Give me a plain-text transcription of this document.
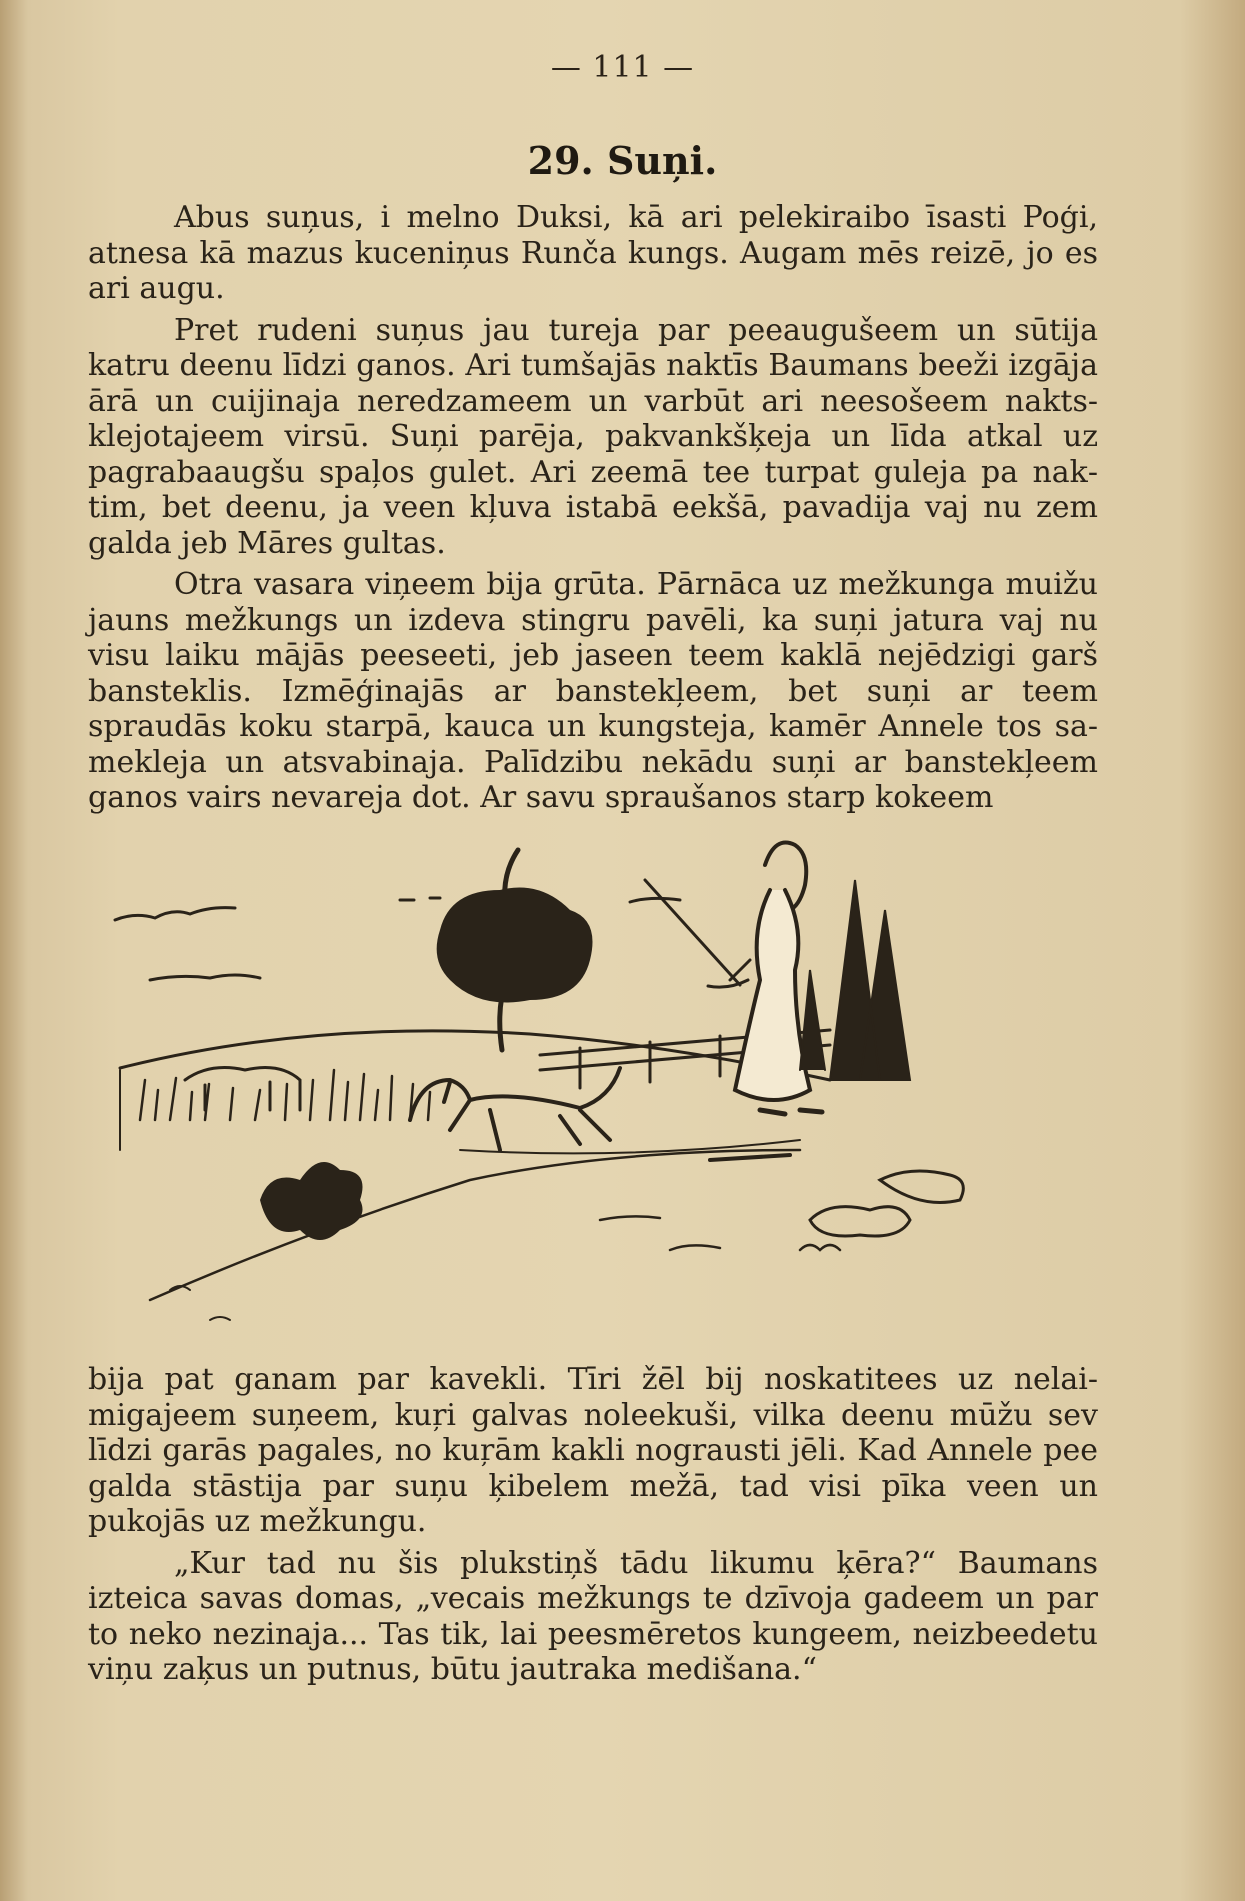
— 111 —
29. Suņi.

Abus suņus, i melno Duksi, kā ari pelekiraibo īsasti Poģi, atnesa kā mazus kuceniņus Runča kungs. Augam mēs reizē, jo es ari augu.

Pret rudeni suņus jau tureja par peeaugušeem un sūtija katru deenu līdzi ganos. Ari tumšajās naktīs Baumans beeži izgāja ārā un cuijinaja neredzameem un varbūt ari neesošeem naktsklejotajeem virsū. Suņi parēja, pakvankšķeja un līda atkal uz pagrabaaugšu spaļos gulet. Ari zeemā tee turpat guleja pa naktim, bet deenu, ja veen kļuva istabā eekšā, pavadija vaj nu zem galda jeb Māres gultas.

Otra vasara viņeem bija grūta. Pārnāca uz mežkunga muižu jauns mežkungs un izdeva stingru pavēli, ka suņi jatura vaj nu visu laiku mājās peeseeti, jeb jaseen teem kaklā nejēdzigi garš bansteklis. Izmēģinajās ar banstekļeem, bet suņi ar teem spraudās koku starpā, kauca un kungsteja, kamēr Annele tos samekleja un atsvabinaja. Palīdzibu nekādu suņi ar banstekļeem ganos vairs nevareja dot. Ar savu spraušanos starp kokeem

bija pat ganam par kavekli. Tīri žēl bij noskatitees uz nelaimigajeem suņeem, kuŗi galvas noleekuši, vilka deenu mūžu sev līdzi garās pagales, no kuŗām kakli nograusti jēli. Kad Annele pee galda stāstija par suņu ķibelem mežā, tad visi pīka veen un pukojās uz mežkungu.

„Kur tad nu šis plukstiņš tādu likumu ķēra?“ Baumans izteica savas domas, „vecais mežkungs te dzīvoja gadeem un par to neko nezinaja... Tas tik, lai peesmēretos kungeem, neizbeedetu viņu zaķus un putnus, būtu jautraka medišana.“
